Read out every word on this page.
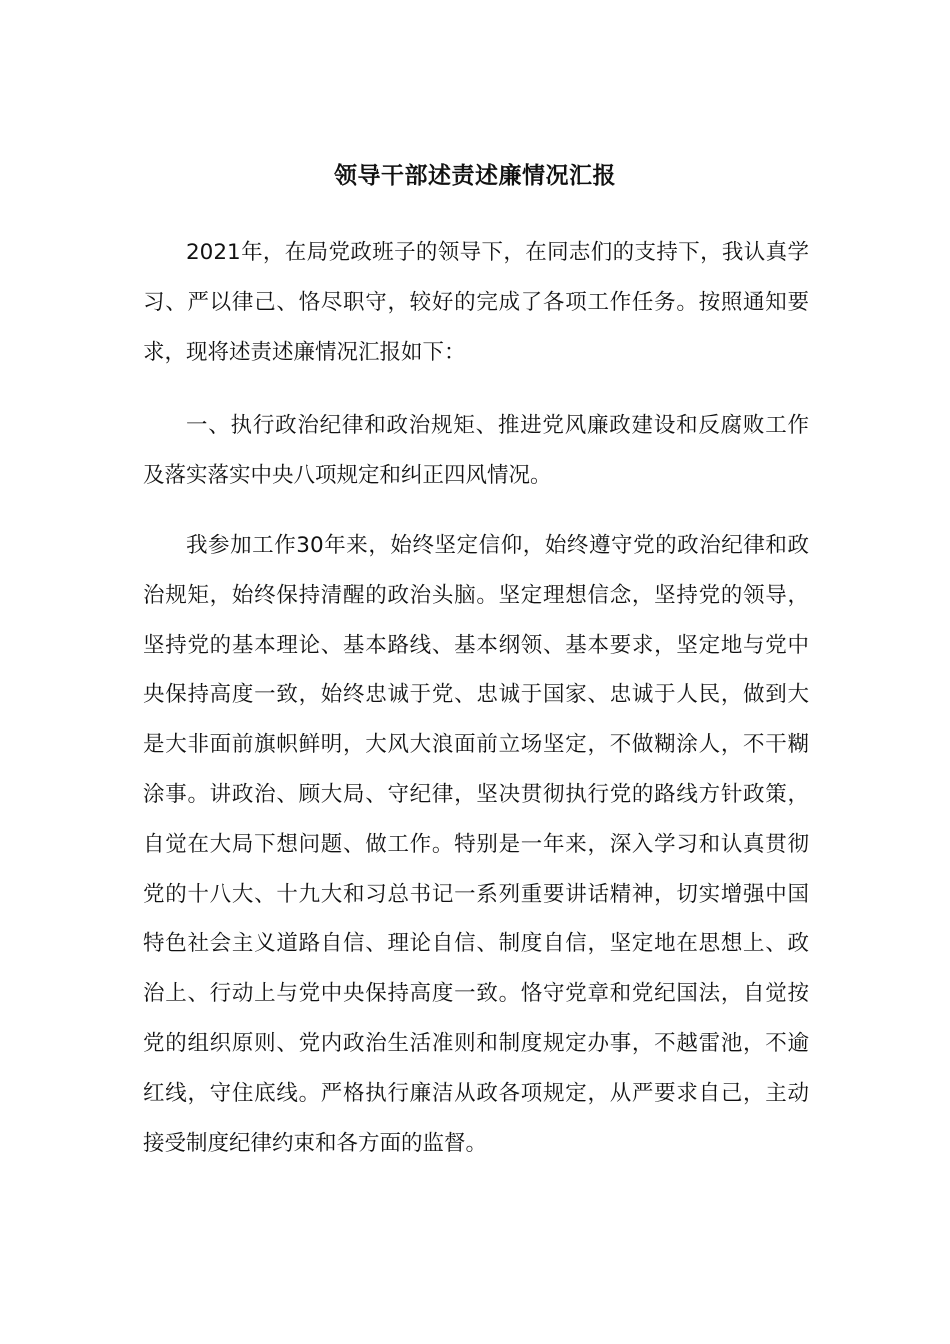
领导干部述责述廉情况汇报

2021年，在局党政班子的领导下，在同志们的支持下，我认真学习、严以律己、恪尽职守，较好的完成了各项工作任务。按照通知要求，现将述责述廉情况汇报如下：

一、执行政治纪律和政治规矩、推进党风廉政建设和反腐败工作及落实落实中央八项规定和纠正四风情况。

我参加工作30年来，始终坚定信仰，始终遵守党的政治纪律和政治规矩，始终保持清醒的政治头脑。坚定理想信念，坚持党的领导，坚持党的基本理论、基本路线、基本纲领、基本要求，坚定地与党中央保持高度一致，始终忠诚于党、忠诚于国家、忠诚于人民，做到大是大非面前旗帜鲜明，大风大浪面前立场坚定，不做糊涂人，不干糊涂事。讲政治、顾大局、守纪律，坚决贯彻执行党的路线方针政策，自觉在大局下想问题、做工作。特别是一年来，深入学习和认真贯彻党的十八大、十九大和习总书记一系列重要讲话精神，切实增强中国特色社会主义道路自信、理论自信、制度自信，坚定地在思想上、政治上、行动上与党中央保持高度一致。恪守党章和党纪国法，自觉按党的组织原则、党内政治生活准则和制度规定办事，不越雷池，不逾红线，守住底线。严格执行廉洁从政各项规定，从严要求自己，主动接受制度纪律约束和各方面的监督。
